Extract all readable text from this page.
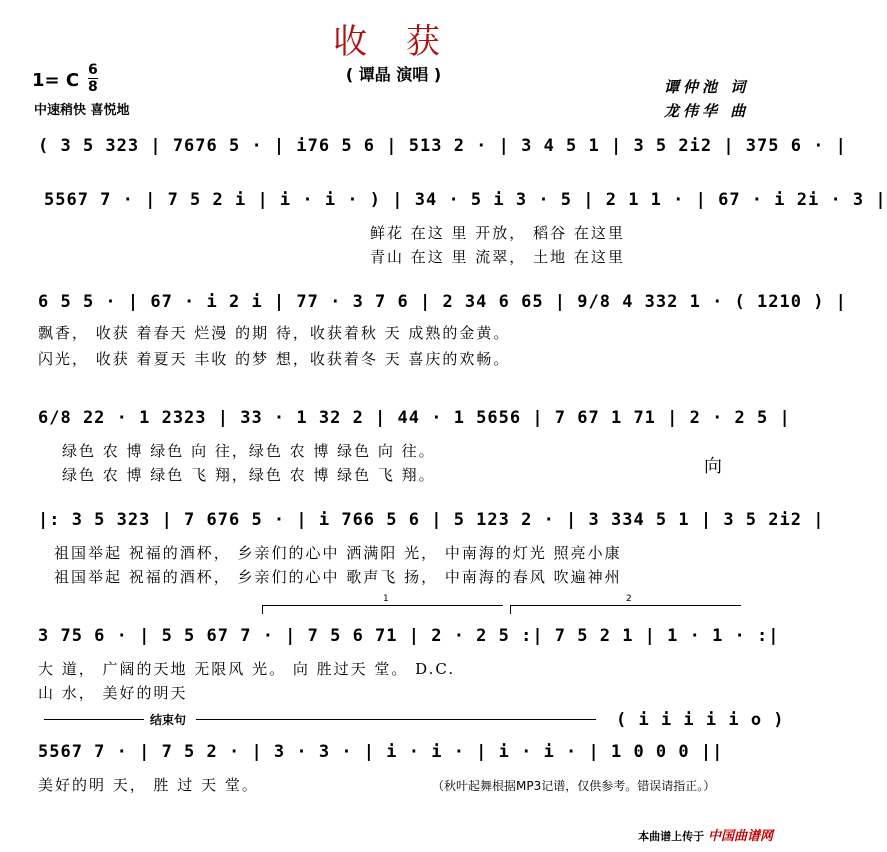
收 获
( 谭晶 演唱 )
1= C 6
8
中速稍快 喜悦地
谭仲池 词
龙伟华 曲
( 3 5 323 | 7676 5 · | i76 5 6 | 513 2 · | 3 4 5 1 | 3 5 2i2 | 375 6 · |
5567 7 · | 7 5 2 i | i · i · ) | 34 · 5 i 3 · 5 | 2 1 1 · | 67 · i 2i · 3 |
鲜花 在这 里 开放， 稻谷 在这里
青山 在这 里 流翠， 土地 在这里
6 5 5 · | 67 · i 2 i | 77 · 3 7 6 | 2 34 6 65 | 9/8 4 332 1 · ( 1210 ) |
飘香， 收获 着春天 烂漫 的期 待，收获着秋 天 成熟的金黄。
闪光， 收获 着夏天 丰收 的梦 想，收获着冬 天 喜庆的欢畅。
6/8 22 · 1 2323 | 33 · 1 32 2 | 44 · 1 5656 | 7 67 1 71 | 2 · 2 5 |
绿色 农 博 绿色 向 往，绿色 农 博 绿色 向 往。
绿色 农 博 绿色 飞 翔，绿色 农 博 绿色 飞 翔。	向
|: 3 5 323 | 7 676 5 · | i 766 5 6 | 5 123 2 · | 3 334 5 1 | 3 5 2i2 |
祖国举起 祝福的酒杯， 乡亲们的心中 洒满阳 光， 中南海的灯光 照亮小康
祖国举起 祝福的酒杯， 乡亲们的心中 歌声飞 扬， 中南海的春风 吹遍神州
1	2
3 75 6 · | 5 5 67 7 · | 7 5 6 71 | 2 · 2 5 :| 7 5 2 1 | 1 · 1 · :|
大 道， 广阔的天地 无限风 光。 向 胜过天 堂。 D.C.
山 水， 美好的明天
结束句	( i i i i i o )
5567 7 · | 7 5 2 · | 3 · 3 · | i · i · | i · i · | 1 0 0 0 ||
美好的明 天， 胜 过 天 堂。	（秋叶起舞根据MP3记谱，仅供参考。错误请指正。）
本曲谱上传于 中国曲谱网
